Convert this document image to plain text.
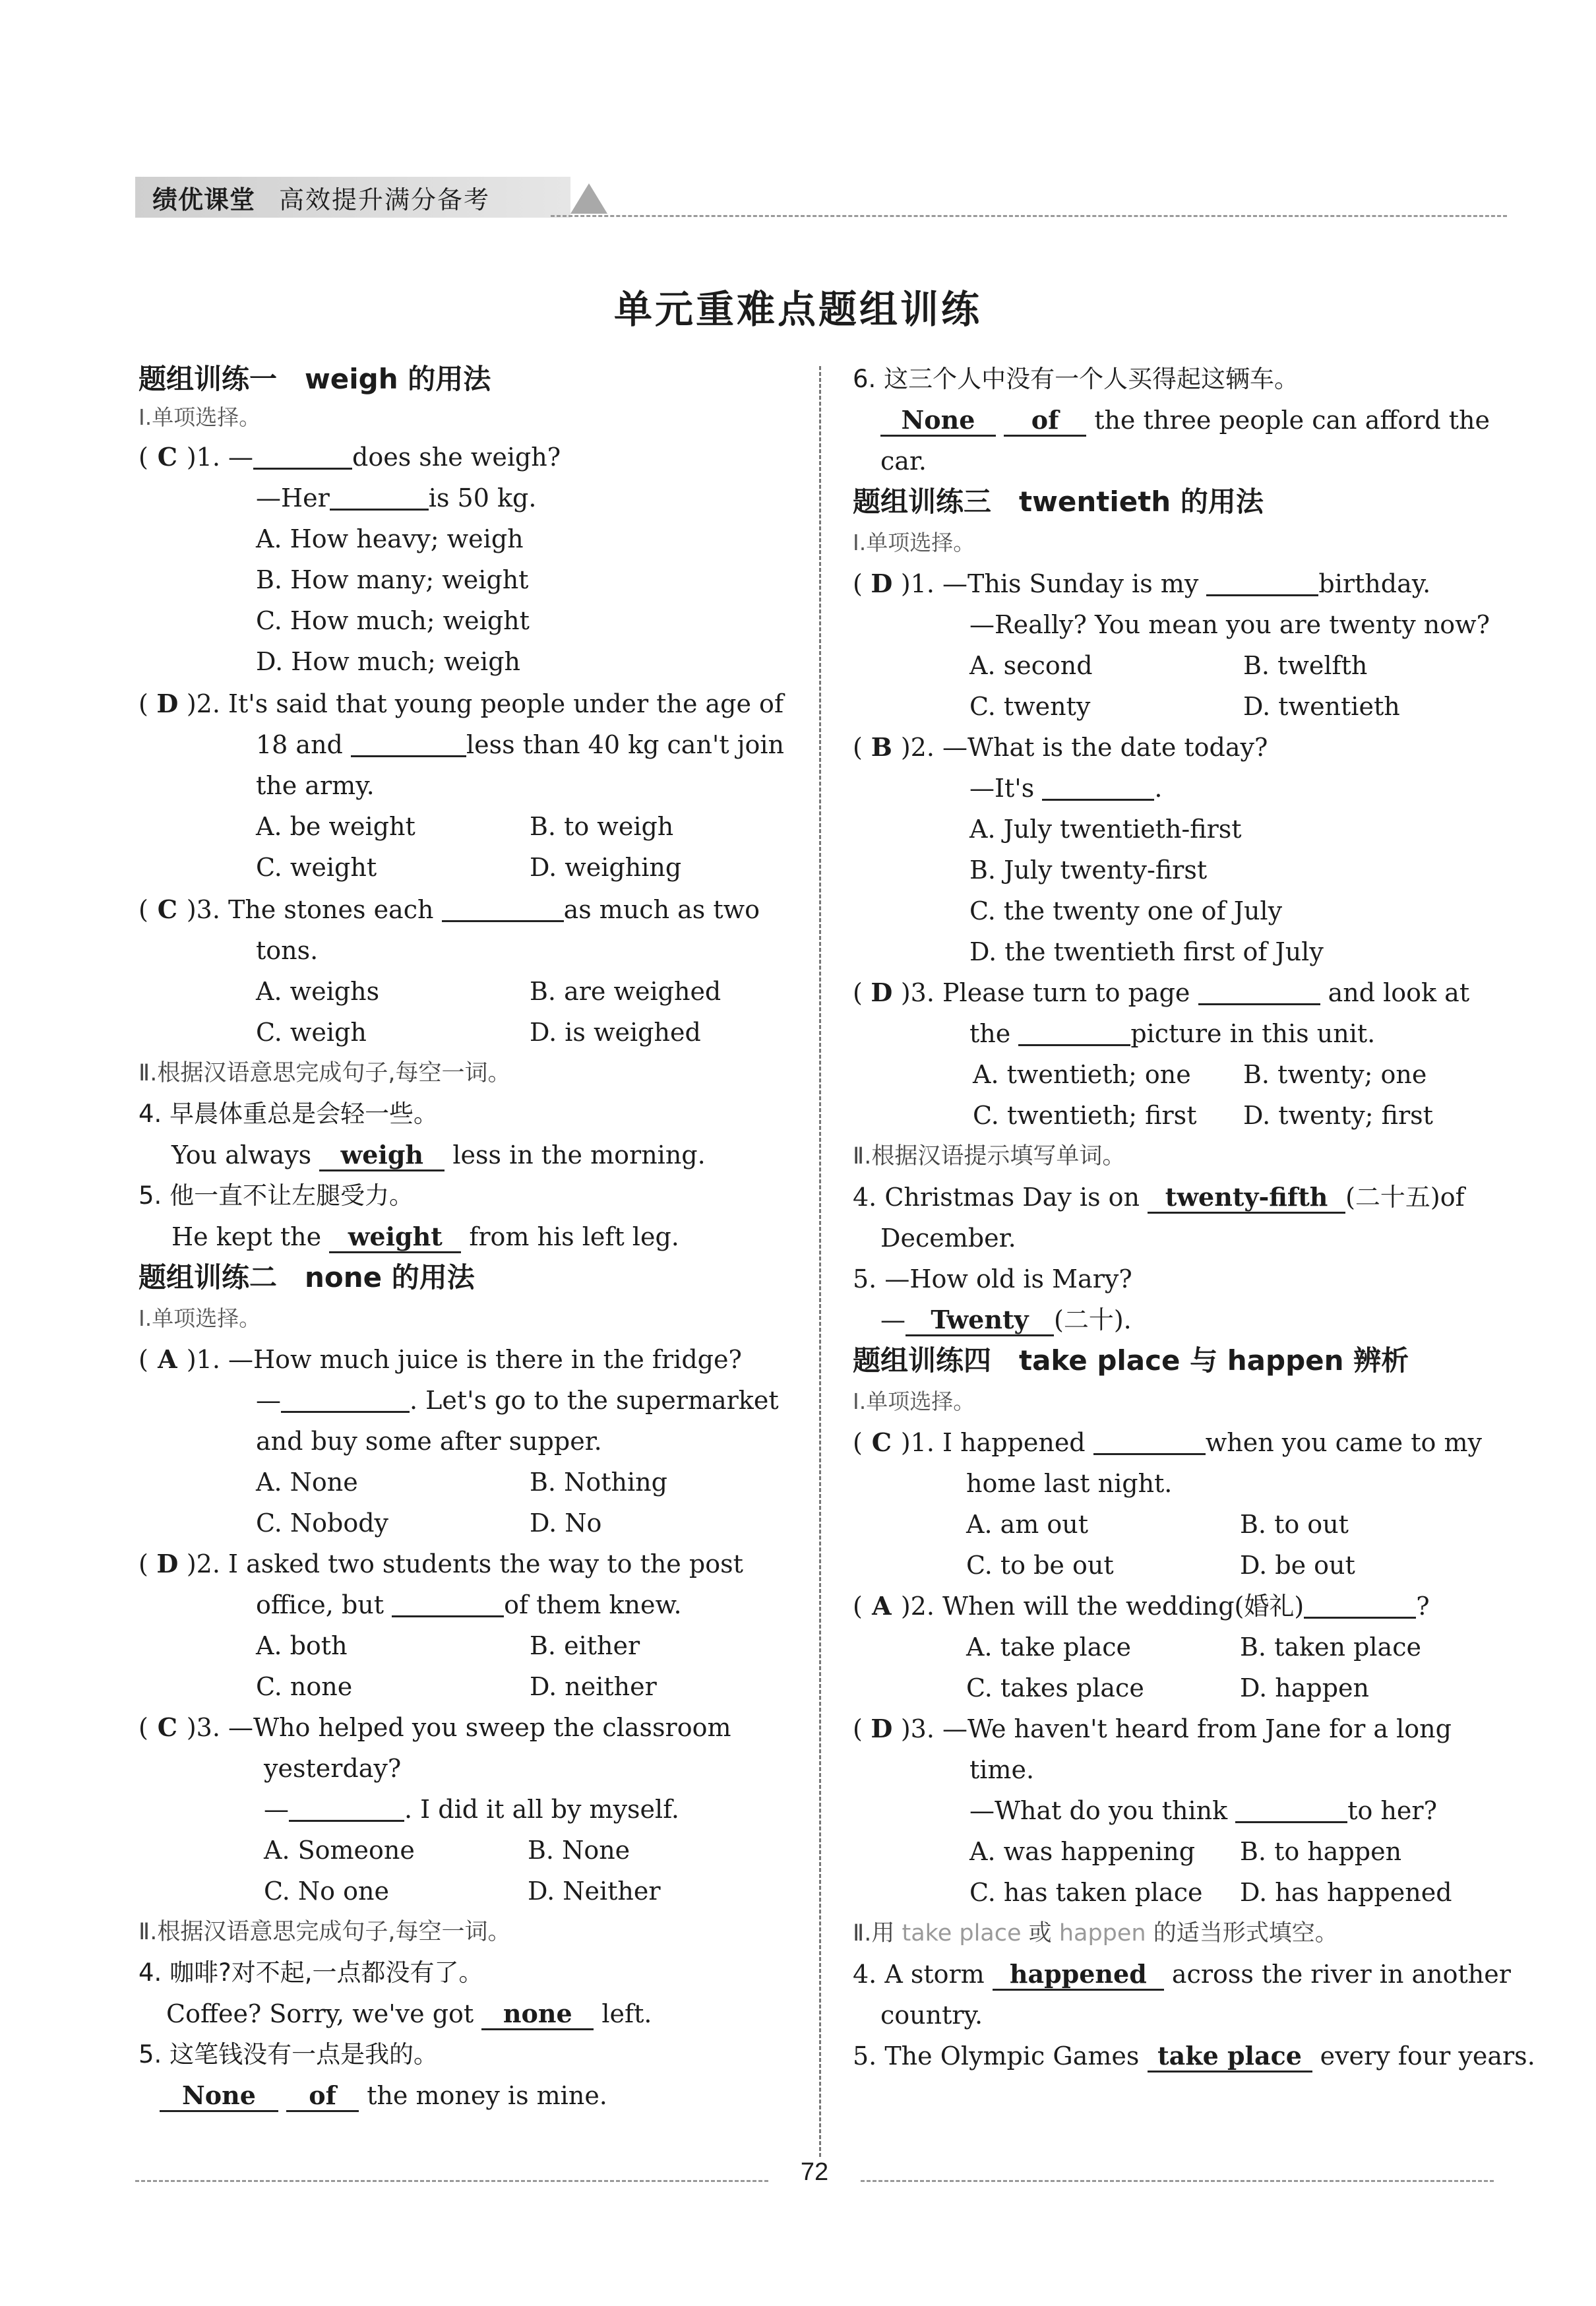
绩优课堂 高效提升满分备考
单元重难点题组训练
题组训练一　weigh 的用法
Ⅰ.单项选择。
( C )1. —	does she weigh?
—Her	is 50 kg.
A. How heavy; weigh
B. How many; weight
C. How much; weight
D. How much; weigh
( D )2. It's said that young people under the age of
18 and	less than 40 kg can't join
the army.
A. be weight	B. to weigh
C. weight	D. weighing
( C )3. The stones each	as much as two
tons.
A. weighs	B. are weighed
C. weigh	D. is weighed
Ⅱ.根据汉语意思完成句子,每空一词。
4. 早晨体重总是会轻一些。
You always weigh less in the morning.
5. 他一直不让左腿受力。
He kept the weight from his left leg.
题组训练二　none 的用法
Ⅰ.单项选择。
( A )1. —How much juice is there in the fridge?
—	. Let's go to the supermarket
and buy some after supper.
A. None	B. Nothing
C. Nobody	D. No
( D )2. I asked two students the way to the post
office, but	of them knew.
A. both	B. either
C. none	D. neither
( C )3. —Who helped you sweep the classroom
yesterday?
—	. I did it all by myself.
A. Someone	B. None
C. No one	D. Neither
Ⅱ.根据汉语意思完成句子,每空一词。
4. 咖啡?对不起,一点都没有了。
Coffee? Sorry, we've got none left.
5. 这笔钱没有一点是我的。
None of the money is mine.
6. 这三个人中没有一个人买得起这辆车。
None of the three people can afford the
car.
题组训练三　twentieth 的用法
Ⅰ.单项选择。
( D )1. —This Sunday is my	birthday.
—Really? You mean you are twenty now?
A. second	B. twelfth
C. twenty	D. twentieth
( B )2. —What is the date today?
—It's	.
A. July twentieth-first
B. July twenty-first
C. the twenty one of July
D. the twentieth first of July
( D )3. Please turn to page	and look at
the	picture in this unit.
A. twentieth; one B. twenty; one
C. twentieth; first D. twenty; first
Ⅱ.根据汉语提示填写单词。
4. Christmas Day is on twenty-fifth (二十五)of
December.
5. —How old is Mary?
— Twenty (二十).
题组训练四　take place 与 happen 辨析
Ⅰ.单项选择。
( C )1. I happened	when you came to my
home last night.
A. am out	B. to out
C. to be out	D. be out
( A )2. When will the wedding(婚礼)	?
A. take place	B. taken place
C. takes place	D. happen
( D )3. —We haven't heard from Jane for a long
time.
—What do you think	to her?
A. was happening B. to happen
C. has taken place D. has happened
Ⅱ.用 take place 或 happen 的适当形式填空。
4. A storm happened across the river in another
country.
5. The Olympic Games take place every four years.
72
